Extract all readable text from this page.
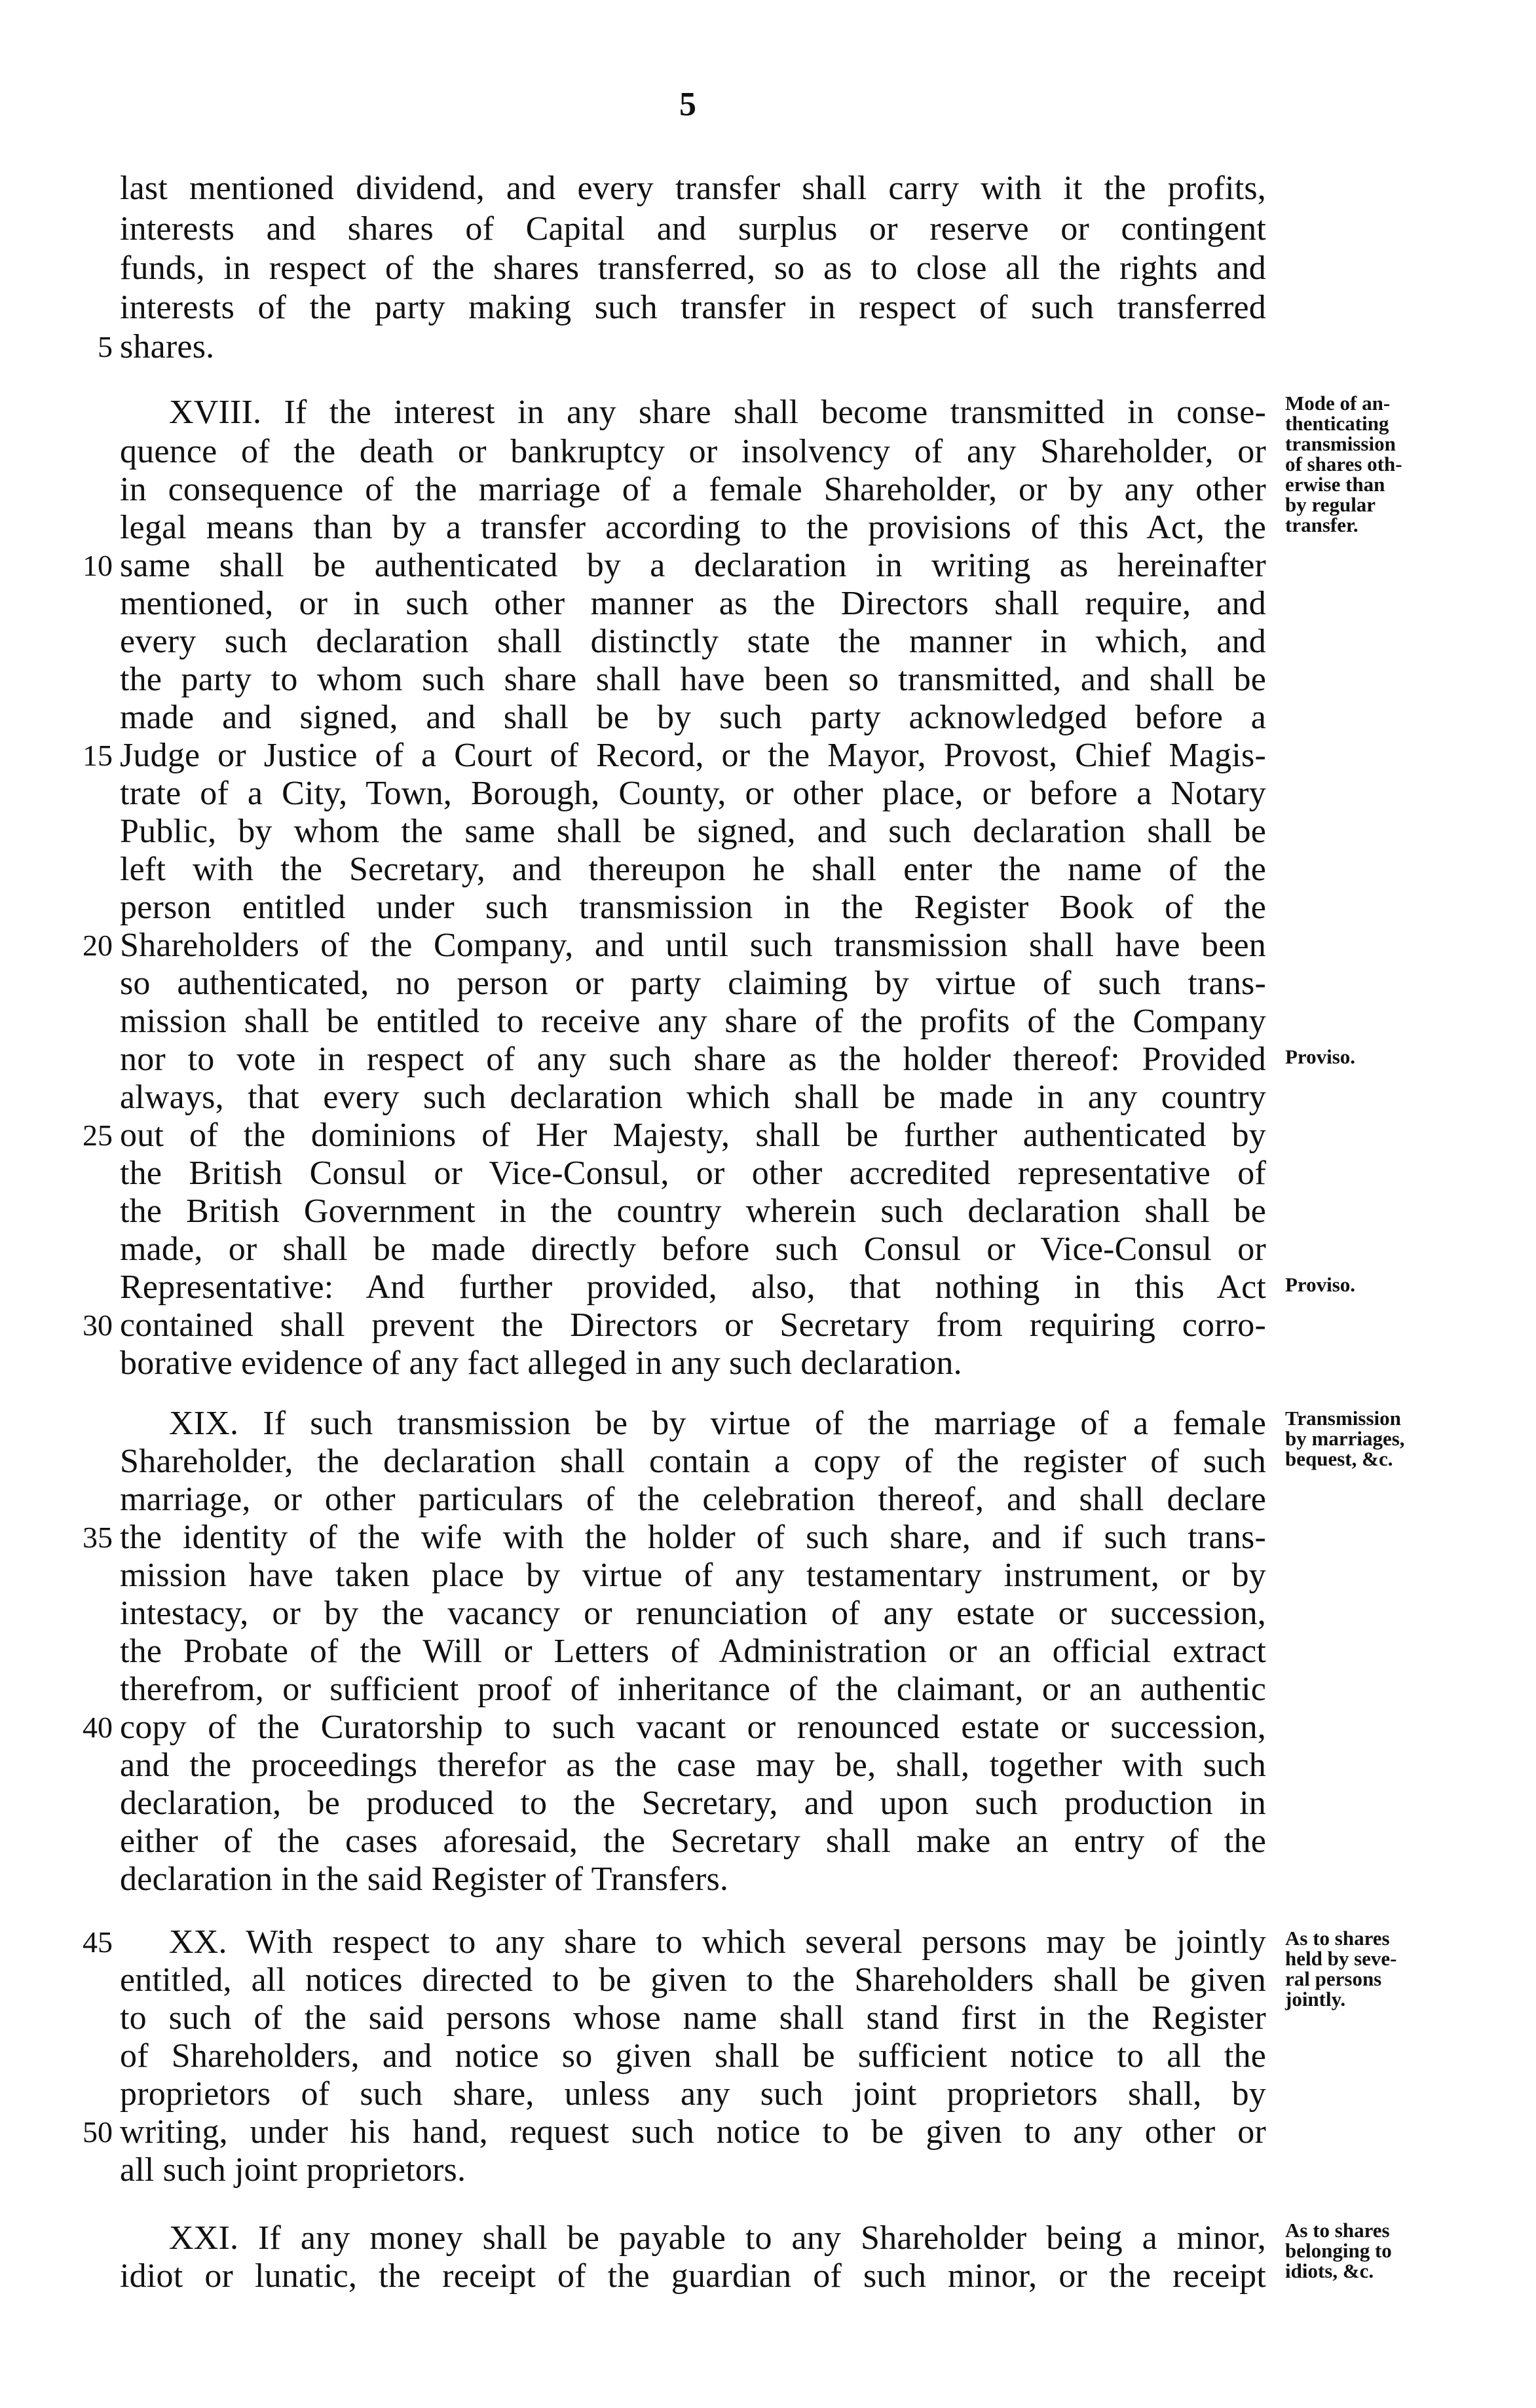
5
last mentioned dividend, and every transfer shall carry with it the profits,
interests and shares of Capital and surplus or reserve or contingent
funds, in respect of the shares transferred, so as to close all the rights and
interests of the party making such transfer in respect of such transferred
5 shares.
XVIII. If the interest in any share shall become transmitted in conse-
quence of the death or bankruptcy or insolvency of any Shareholder, or
in consequence of the marriage of a female Shareholder, or by any other
legal means than by a transfer according to the provisions of this Act, the
10 same shall be authenticated by a declaration in writing as hereinafter
mentioned, or in such other manner as the Directors shall require, and
every such declaration shall distinctly state the manner in which, and
the party to whom such share shall have been so transmitted, and shall be
made and signed, and shall be by such party acknowledged before a
15 Judge or Justice of a Court of Record, or the Mayor, Provost, Chief Magis-
trate of a City, Town, Borough, County, or other place, or before a Notary
Public, by whom the same shall be signed, and such declaration shall be
left with the Secretary, and thereupon he shall enter the name of the
person entitled under such transmission in the Register Book of the
20 Shareholders of the Company, and until such transmission shall have been
so authenticated, no person or party claiming by virtue of such trans-
mission shall be entitled to receive any share of the profits of the Company
nor to vote in respect of any such share as the holder thereof: Provided
always, that every such declaration which shall be made in any country
25 out of the dominions of Her Majesty, shall be further authenticated by
the British Consul or Vice-Consul, or other accredited representative of
the British Government in the country wherein such declaration shall be
made, or shall be made directly before such Consul or Vice-Consul or
Representative: And further provided, also, that nothing in this Act
30 contained shall prevent the Directors or Secretary from requiring corro-
borative evidence of any fact alleged in any such declaration.
XIX. If such transmission be by virtue of the marriage of a female
Shareholder, the declaration shall contain a copy of the register of such
marriage, or other particulars of the celebration thereof, and shall declare
35 the identity of the wife with the holder of such share, and if such trans-
mission have taken place by virtue of any testamentary instrument, or by
intestacy, or by the vacancy or renunciation of any estate or succession,
the Probate of the Will or Letters of Administration or an official extract
therefrom, or sufficient proof of inheritance of the claimant, or an authentic
40 copy of the Curatorship to such vacant or renounced estate or succession,
and the proceedings therefor as the case may be, shall, together with such
declaration, be produced to the Secretary, and upon such production in
either of the cases aforesaid, the Secretary shall make an entry of the
declaration in the said Register of Transfers.
45	XX. With respect to any share to which several persons may be jointly
entitled, all notices directed to be given to the Shareholders shall be given
to such of the said persons whose name shall stand first in the Register
of Shareholders, and notice so given shall be sufficient notice to all the
proprietors of such share, unless any such joint proprietors shall, by
50 writing, under his hand, request such notice to be given to any other or
all such joint proprietors.
XXI. If any money shall be payable to any Shareholder being a minor,
idiot or lunatic, the receipt of the guardian of such minor, or the receipt
Mode of an-
thenticating
transmission
of shares oth-
erwise than
by regular
transfer.
Proviso.
Proviso.
Transmission
by marriages,
bequest, &c.
As to shares
held by seve-
ral persons
jointly.
As to shares
belonging to
idiots, &c.
